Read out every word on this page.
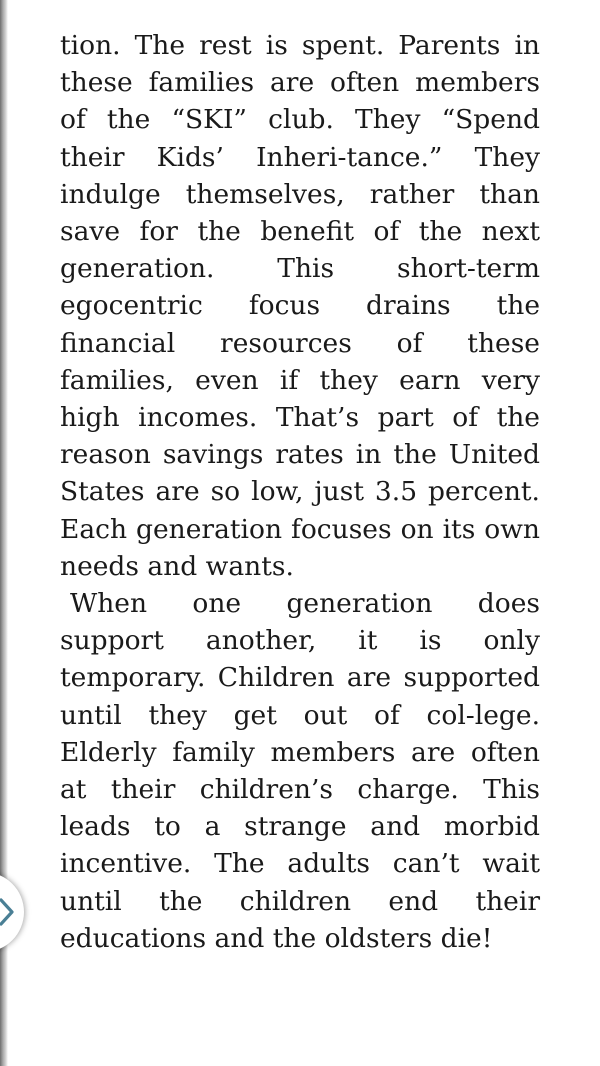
tion. The rest is spent. Parents in these families are often members of the “SKI” club. They “Spend their Kids’ Inheri-tance.” They indulge themselves, rather than save for the benefit of the next generation. This short-term egocentric focus drains the financial resources of these families, even if they earn very high incomes. That’s part of the reason savings rates in the United States are so low, just 3.5 percent. Each generation focuses on its own needs and wants.

When one generation does support another, it is only temporary. Children are supported until they get out of col-lege. Elderly family members are often at their children’s charge. This leads to a strange and morbid incentive. The adults can’t wait until the children end their educations and the oldsters die!
